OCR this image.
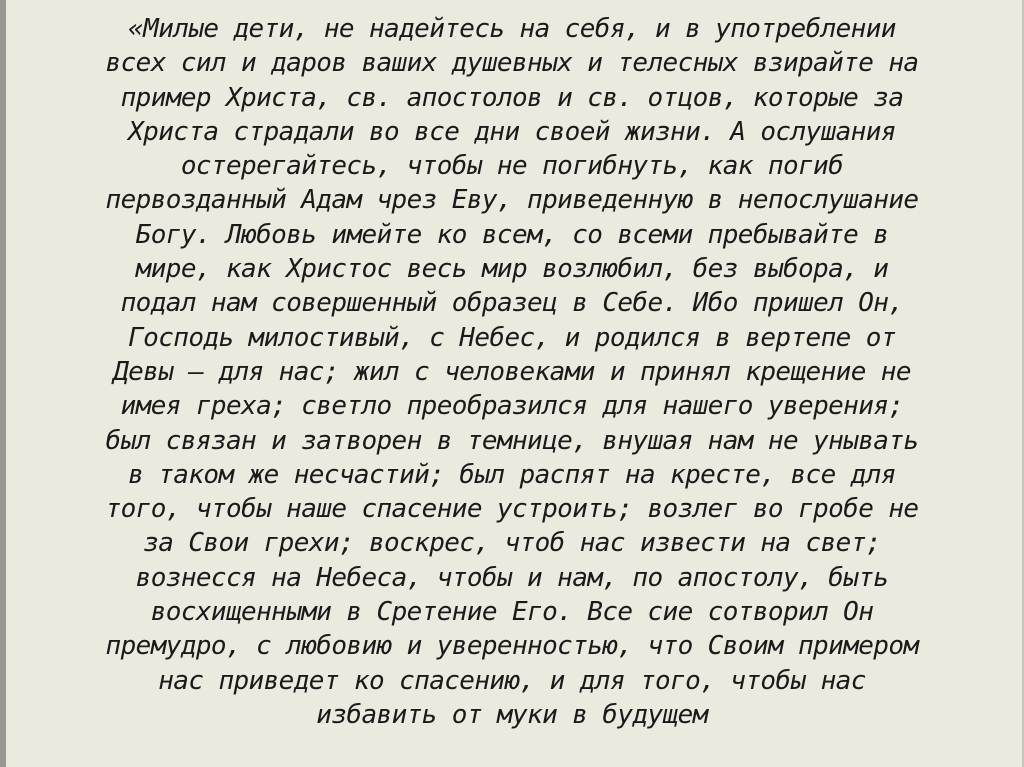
«Милые дети, не надейтесь на себя, и в употреблении
всех сил и даров ваших душевных и телесных взирайте на
пример Христа, св. апостолов и св. отцов, которые за
Христа страдали во все дни своей жизни. А ослушания
остерегайтесь, чтобы не погибнуть, как погиб
первозданный Адам чрез Еву, приведенную в непослушание
Богу. Любовь имейте ко всем, со всеми пребывайте в
мире, как Христос весь мир возлюбил, без выбора, и
подал нам совершенный образец в Себе. Ибо пришел Он,
Господь милостивый, с Небес, и родился в вертепе от
Девы — для нас; жил с человеками и принял крещение не
имея греха; светло преобразился для нашего уверения;
был связан и затворен в темнице, внушая нам не унывать
в таком же несчастий; был распят на кресте, все для
того, чтобы наше спасение устроить; возлег во гробе не
за Свои грехи; воскрес, чтоб нас извести на свет;
вознесся на Небеса, чтобы и нам, по апостолу, быть
восхищенными в Сретение Его. Все сие сотворил Он
премудро, с любовию и уверенностью, что Своим примером
нас приведет ко спасению, и для того, чтобы нас
избавить от муки в будущем
